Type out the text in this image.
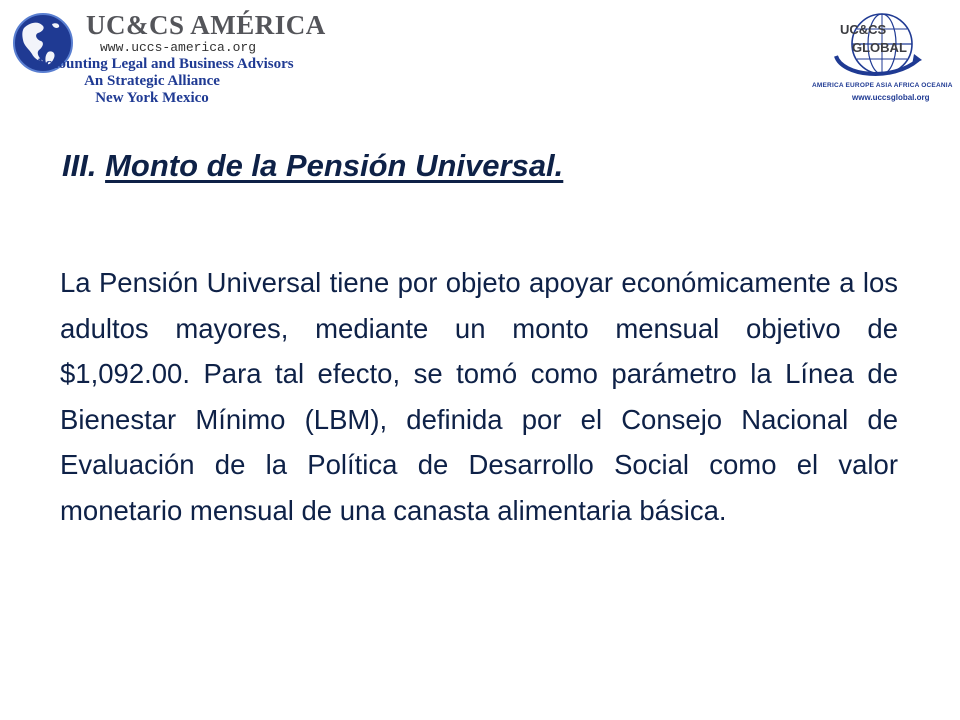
UC&CS AMÉRICA
www.uccs-america.org
Accounting Legal and Business Advisors
An Strategic Alliance
New York Mexico
UC&CS
GLOBAL
AMERICA EUROPE ASIA AFRICA OCEANIA
www.uccsglobal.org
III. Monto de la Pensión Universal.
La Pensión Universal tiene por objeto apoyar económicamente a los adultos mayores, mediante un monto mensual objetivo de $1,092.00. Para tal efecto, se tomó como parámetro la Línea de Bienestar Mínimo (LBM), definida por el Consejo Nacional de Evaluación de la Política de Desarrollo Social como el valor monetario mensual de una canasta alimentaria básica.
